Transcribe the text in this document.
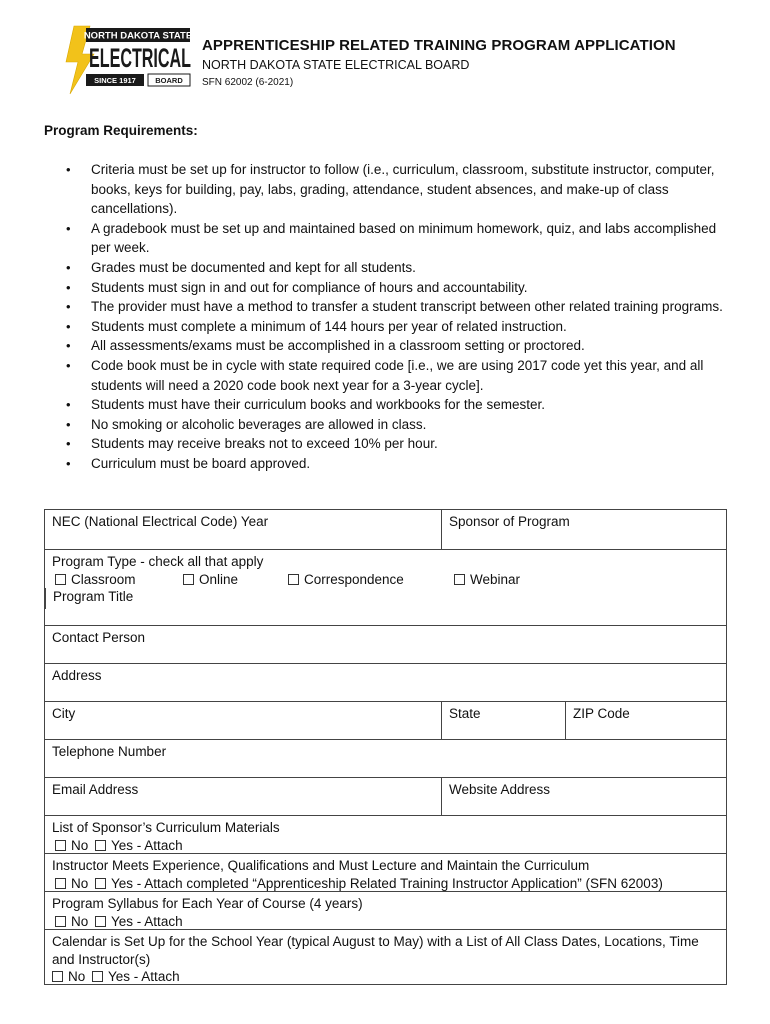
NORTH DAKOTA STATE
ELECTRICAL
SINCE 1917	BOARD
APPRENTICESHIP RELATED TRAINING PROGRAM APPLICATION
NORTH DAKOTA STATE ELECTRICAL BOARD
SFN 62002 (6-2021)
Program Requirements:
• Criteria must be set up for instructor to follow (i.e., curriculum, classroom, substitute instructor, computer, books, keys for building, pay, labs, grading, attendance, student absences, and make-up of class cancellations).
• A gradebook must be set up and maintained based on minimum homework, quiz, and labs accomplished per week.
• Grades must be documented and kept for all students.
• Students must sign in and out for compliance of hours and accountability.
• The provider must have a method to transfer a student transcript between other related training programs.
• Students must complete a minimum of 144 hours per year of related instruction.
• All assessments/exams must be accomplished in a classroom setting or proctored.
• Code book must be in cycle with state required code [i.e., we are using 2017 code yet this year, and all students will need a 2020 code book next year for a 3-year cycle].
• Students must have their curriculum books and workbooks for the semester.
• No smoking or alcoholic beverages are allowed in class.
• Students may receive breaks not to exceed 10% per hour.
• Curriculum must be board approved.
NEC (National Electrical Code) Year	Sponsor of Program
Program Type - check all that apply
Classroom	Online	Correspondence	Webinar
Program Title
Contact Person
Address
City	State	ZIP Code
Telephone Number
Email Address	Website Address
List of Sponsor’s Curriculum Materials
No Yes - Attach
Instructor Meets Experience, Qualifications and Must Lecture and Maintain the Curriculum
No Yes - Attach completed “Apprenticeship Related Training Instructor Application” (SFN 62003)
Program Syllabus for Each Year of Course (4 years)
No Yes - Attach
Calendar is Set Up for the School Year (typical August to May) with a List of All Class Dates, Locations, Time and Instructor(s)
No Yes - Attach
